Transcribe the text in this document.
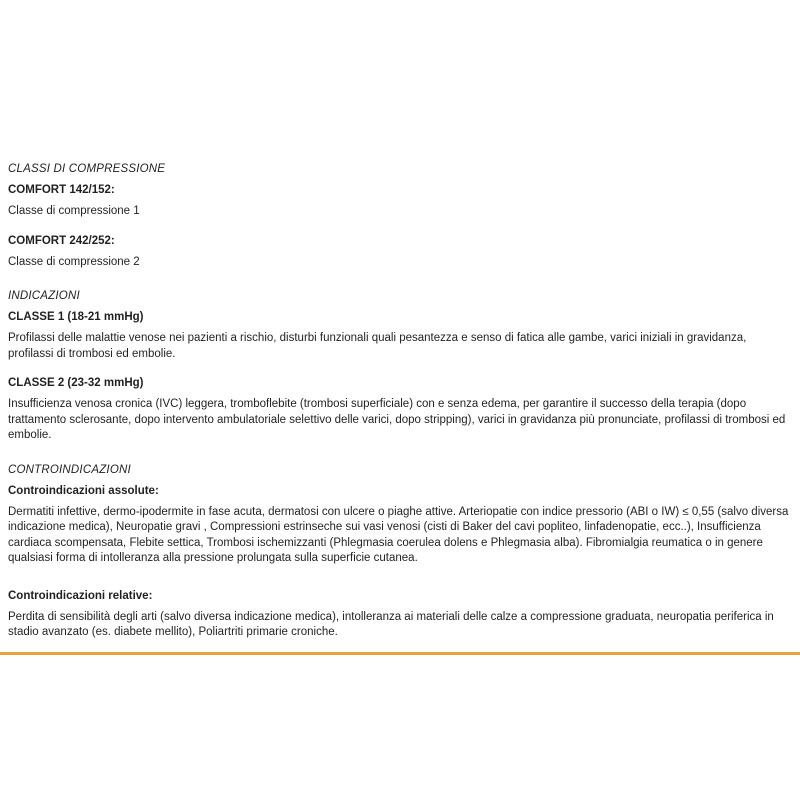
CLASSI DI COMPRESSIONE

COMFORT 142/152:

Classe di compressione 1

COMFORT 242/252:

Classe di compressione 2

INDICAZIONI

CLASSE 1 (18-21 mmHg)

Profilassi delle malattie venose nei pazienti a rischio, disturbi funzionali quali pesantezza e senso di fatica alle gambe, varici iniziali in gravidanza, profilassi di trombosi ed embolie.

CLASSE 2 (23-32 mmHg)

Insufficienza venosa cronica (IVC) leggera, tromboflebite (trombosi superficiale) con e senza edema, per garantire il successo della terapia (dopo trattamento sclerosante, dopo intervento ambulatoriale selettivo delle varici, dopo stripping), varici in gravidanza più pronunciate, profilassi di trombosi ed embolie.

CONTROINDICAZIONI

Controindicazioni assolute:

Dermatiti infettive, dermo-ipodermite in fase acuta, dermatosi con ulcere o piaghe attive. Arteriopatie con indice pressorio (ABI o IW) ≤ 0,55 (salvo diversa indicazione medica), Neuropatie gravi , Compressioni estrinseche sui vasi venosi (cisti di Baker del cavi popliteo, linfadenopatie, ecc..), Insufficienza cardiaca scompensata, Flebite settica, Trombosi ischemizzanti (Phlegmasia coerulea dolens e Phlegmasia alba). Fibromialgia reumatica o in genere qualsiasi forma di intolleranza alla pressione prolungata sulla superficie cutanea.

Controindicazioni relative:

Perdita di sensibilità degli arti (salvo diversa indicazione medica), intolleranza ai materiali delle calze a compressione graduata, neuropatia periferica in stadio avanzato (es. diabete mellito), Poliartriti primarie croniche.
